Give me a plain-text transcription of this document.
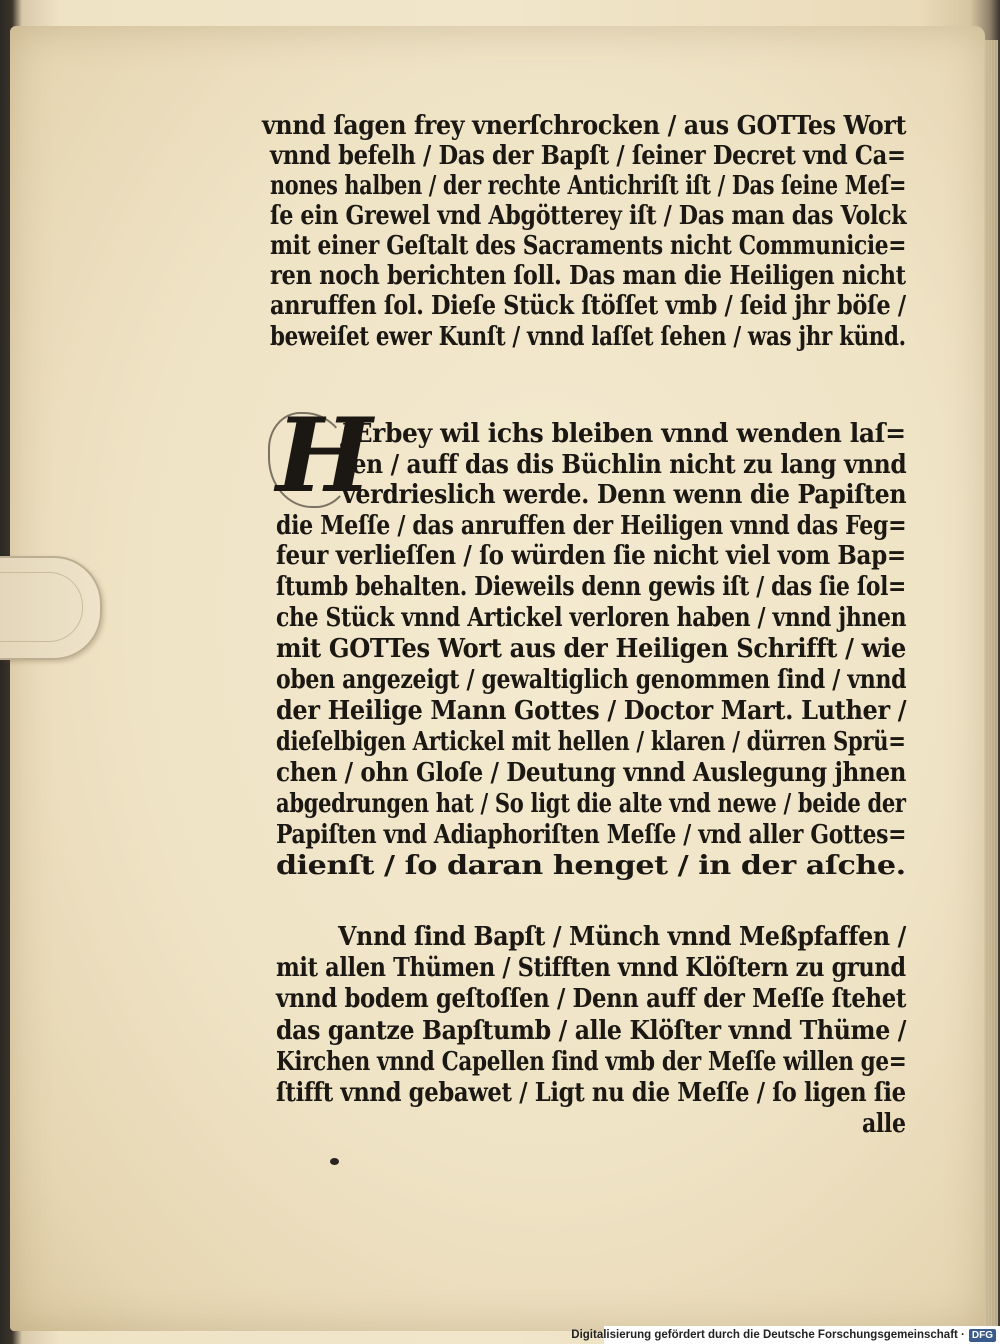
vnnd ſagen frey vnerſchrocken / aus GOTTes Wort
vnnd befelh / Das der Bapſt / ſeiner Decret vnd Ca=
nones halben / der rechte Antichriſt iſt / Das ſeine Meſ=
ſe ein Grewel vnd Abgötterey iſt / Das man das Volck
mit einer Geſtalt des Sacraments nicht Communicie=
ren noch berichten ſoll. Das man die Heiligen nicht
anruffen ſol. Dieſe Stück ſtöſſet vmb / ſeid jhr böſe /
beweiſet ewer Kunſt / vnnd laſſet ſehen / was jhr künd.
H
JErbey wil ichs bleiben vnnd wenden laſ=
ſen / auff das dis Büchlin nicht zu lang vnnd
verdrieslich werde. Denn wenn die Papiſten
die Meſſe / das anruffen der Heiligen vnnd das Feg=
feur verlieſſen / ſo würden ſie nicht viel vom Bap=
ſtumb behalten. Dieweils denn gewis iſt / das ſie ſol=
che Stück vnnd Artickel verloren haben / vnnd jhnen
mit GOTTes Wort aus der Heiligen Schrifft / wie
oben angezeigt / gewaltiglich genommen ſind / vnnd
der Heilige Mann Gottes / Doctor Mart. Luther /
dieſelbigen Artickel mit hellen / klaren / dürren Sprü=
chen / ohn Gloſe / Deutung vnnd Auslegung jhnen
abgedrungen hat / So ligt die alte vnd newe / beide der
Papiſten vnd Adiaphoriſten Meſſe / vnd aller Gottes=
dienſt / ſo daran henget / in der aſche.
Vnnd ſind Bapſt / Münch vnnd Meßpfaffen /
mit allen Thümen / Stifften vnnd Klöſtern zu grund
vnnd bodem geſtoſſen / Denn auff der Meſſe ſtehet
das gantze Bapſtumb / alle Klöſter vnnd Thüme /
Kirchen vnnd Capellen ſind vmb der Meſſe willen ge=
ſtifft vnnd gebawet / Ligt nu die Meſſe / ſo ligen ſie
alle
Digitalisierung gefördert durch die Deutsche Forschungsgemeinschaft · DFG
